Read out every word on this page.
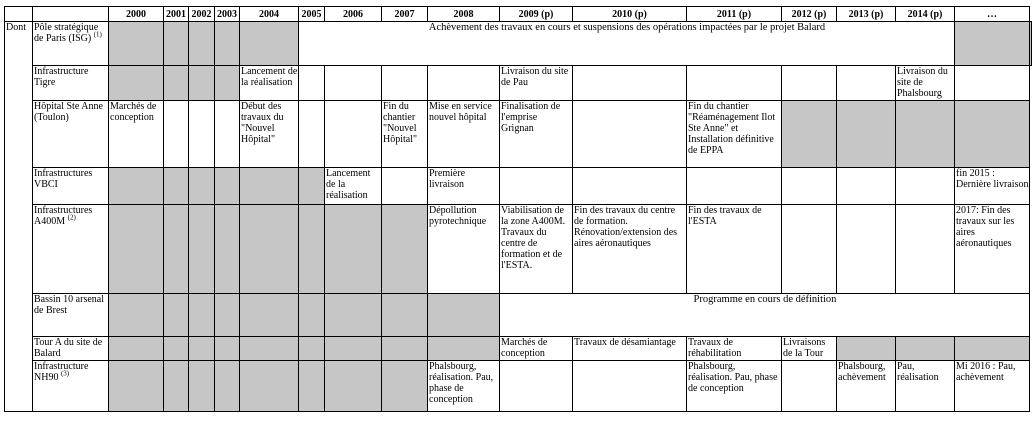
		2000	2001	2002	2003	2004	2005	2006	2007	2008	2009 (p)	2010 (p)	2011 (p)	2012 (p)	2013 (p)	2014 (p)	…	
Dont	Pôle stratégique de Paris (ISG) $^{(1)}$						Achèvement des travaux en cours et suspensions des opérations impactées par le projet Balard											
	Infrastructure Tigre					Lancement de la réalisation					Livraison du site de Pau					Livraison du site de Phalsbourg		
	Hôpital Ste Anne (Toulon)	Marchés de conception				Début des travaux du "Nouvel Hôpital"			Fin du chantier "Nouvel Hôpital"	Mise en service nouvel hôpital	Finalisation de l'emprise Grignan		Fin du chantier "Réaménagement Ilot Ste Anne" et Installation définitive de EPPA					
	Infrastructures VBCI							Lancement de la réalisation		Première livraison							fin 2015 : Dernière livraison	
	Infrastructures A400M $^{(2)}$									Dépollution pyrotechnique	Viabilisation de la zone A400M. Travaux du centre de formation et de l'ESTA.	Fin des travaux du centre de formation. Rénovation/extension des aires aéronautiques	Fin des travaux de l'ESTA				2017: Fin des travaux sur les aires aéronautiques	
	Bassin 10 arsenal de Brest										Programme en cours de définition							
	Tour A du site de Balard										Marchés de conception	Travaux de désamiantage	Travaux de réhabilitation	Livraisons de la Tour				
	Infrastructure NH90 $^{(3)}$									Phalsbourg, réalisation. Pau, phase de conception			Phalsbourg, réalisation. Pau, phase de conception		Phalsbourg, achèvement	Pau, réalisation	Mi 2016 : Pau, achèvement	
